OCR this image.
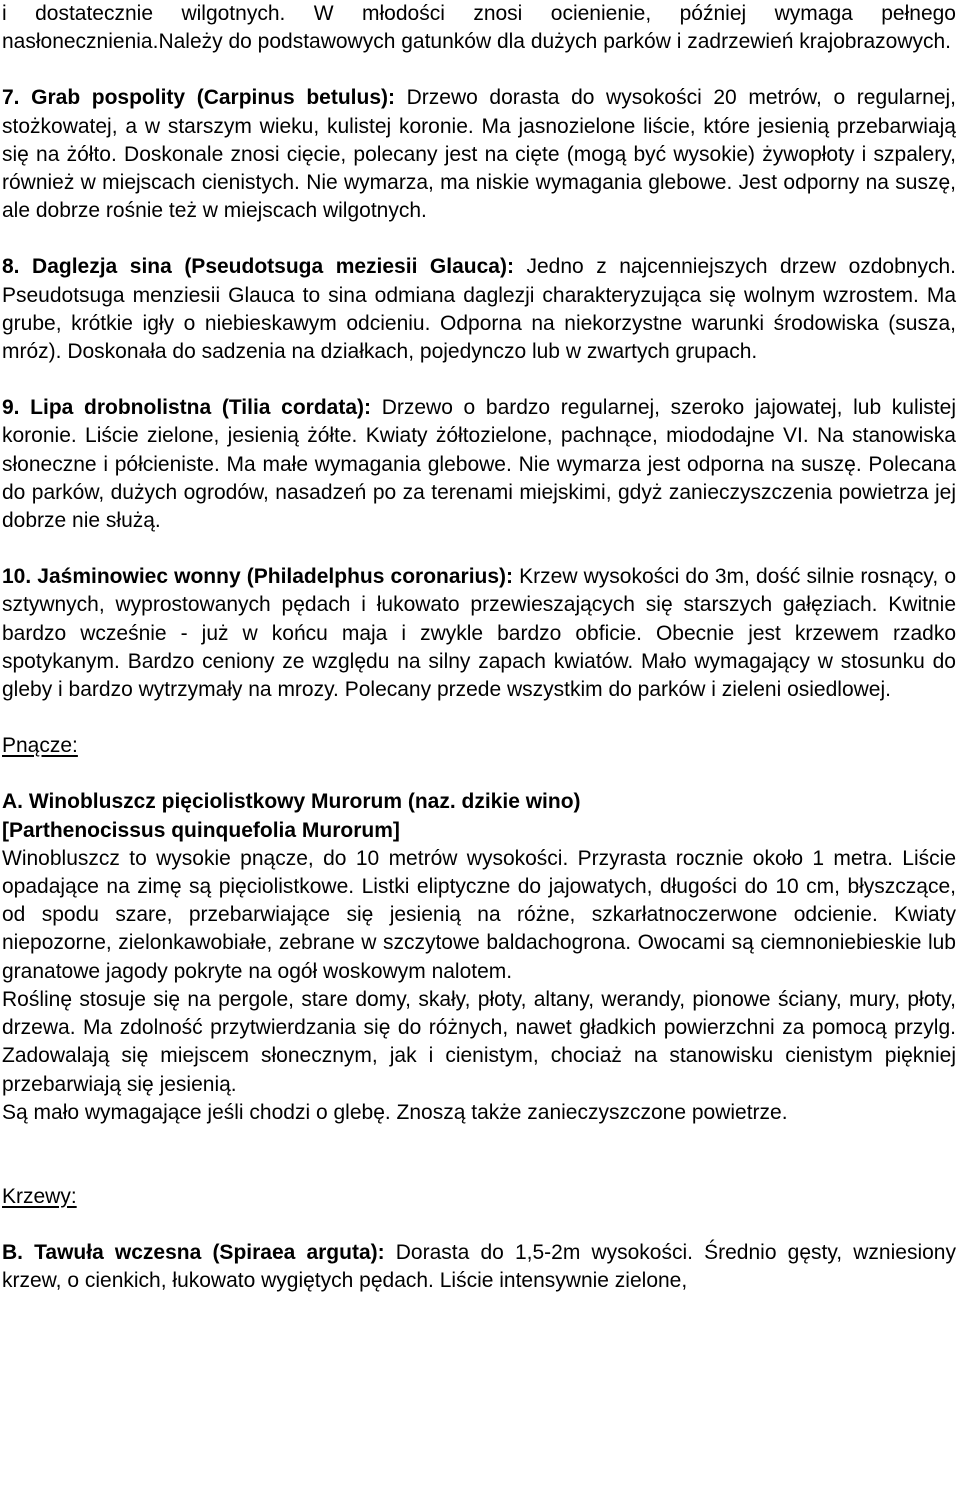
i dostatecznie wilgotnych. W młodości znosi ocienienie, później wymaga pełnego nasłonecznienia.Należy do podstawowych gatunków dla dużych parków i zadrzewień krajobrazowych.

7. Grab pospolity (Carpinus betulus): Drzewo dorasta do wysokości 20 metrów, o regularnej, stożkowatej, a w starszym wieku, kulistej koronie. Ma jasnozielone liście, które jesienią przebarwiają się na żółto. Doskonale znosi cięcie, polecany jest na cięte (mogą być wysokie) żywopłoty i szpalery, również w miejscach cienistych. Nie wymarza, ma niskie wymagania glebowe. Jest odporny na suszę, ale dobrze rośnie też w miejscach wilgotnych.

8. Daglezja sina (Pseudotsuga meziesii Glauca): Jedno z najcenniejszych drzew ozdobnych. Pseudotsuga menziesii Glauca to sina odmiana daglezji charakteryzująca się wolnym wzrostem. Ma grube, krótkie igły o niebieskawym odcieniu. Odporna na niekorzystne warunki środowiska (susza, mróz). Doskonała do sadzenia na działkach, pojedynczo lub w zwartych grupach.

9. Lipa drobnolistna (Tilia cordata): Drzewo o bardzo regularnej, szeroko jajowatej, lub kulistej koronie. Liście zielone, jesienią żółte. Kwiaty żółtozielone, pachnące, miododajne VI. Na stanowiska słoneczne i półcieniste. Ma małe wymagania glebowe. Nie wymarza jest odporna na suszę. Polecana do parków, dużych ogrodów, nasadzeń po za terenami miejskimi, gdyż zanieczyszczenia powietrza jej dobrze nie służą.

10. Jaśminowiec wonny (Philadelphus coronarius): Krzew wysokości do 3m, dość silnie rosnący, o sztywnych, wyprostowanych pędach i łukowato przewieszających się starszych gałęziach. Kwitnie bardzo wcześnie - już w końcu maja i zwykle bardzo obficie. Obecnie jest krzewem rzadko spotykanym. Bardzo ceniony ze względu na silny zapach kwiatów. Mało wymagający w stosunku do gleby i bardzo wytrzymały na mrozy. Polecany przede wszystkim do parków i zieleni osiedlowej.

Pnącze:

A. Winobluszcz pięciolistkowy Murorum (naz. dzikie wino)
[Parthenocissus quinquefolia Murorum]

Winobluszcz to wysokie pnącze, do 10 metrów wysokości. Przyrasta rocznie około 1 metra. Liście opadające na zimę są pięciolistkowe. Listki eliptyczne do jajowatych, długości do 10 cm, błyszczące, od spodu szare, przebarwiające się jesienią na różne, szkarłatnoczerwone odcienie. Kwiaty niepozorne, zielonkawobiałe, zebrane w szczytowe baldachogrona. Owocami są ciemnoniebieskie lub granatowe jagody pokryte na ogół woskowym nalotem.

Roślinę stosuje się na pergole, stare domy, skały, płoty, altany, werandy, pionowe ściany, mury, płoty, drzewa. Ma zdolność przytwierdzania się do różnych, nawet gładkich powierzchni za pomocą przylg. Zadowalają się miejscem słonecznym, jak i cienistym, chociaż na stanowisku cienistym piękniej przebarwiają się jesienią.

Są mało wymagające jeśli chodzi o glebę. Znoszą także zanieczyszczone powietrze.

Krzewy:

B. Tawuła wczesna (Spiraea arguta): Dorasta do 1,5-2m wysokości. Średnio gęsty, wzniesiony krzew, o cienkich, łukowato wygiętych pędach. Liście intensywnie zielone,
